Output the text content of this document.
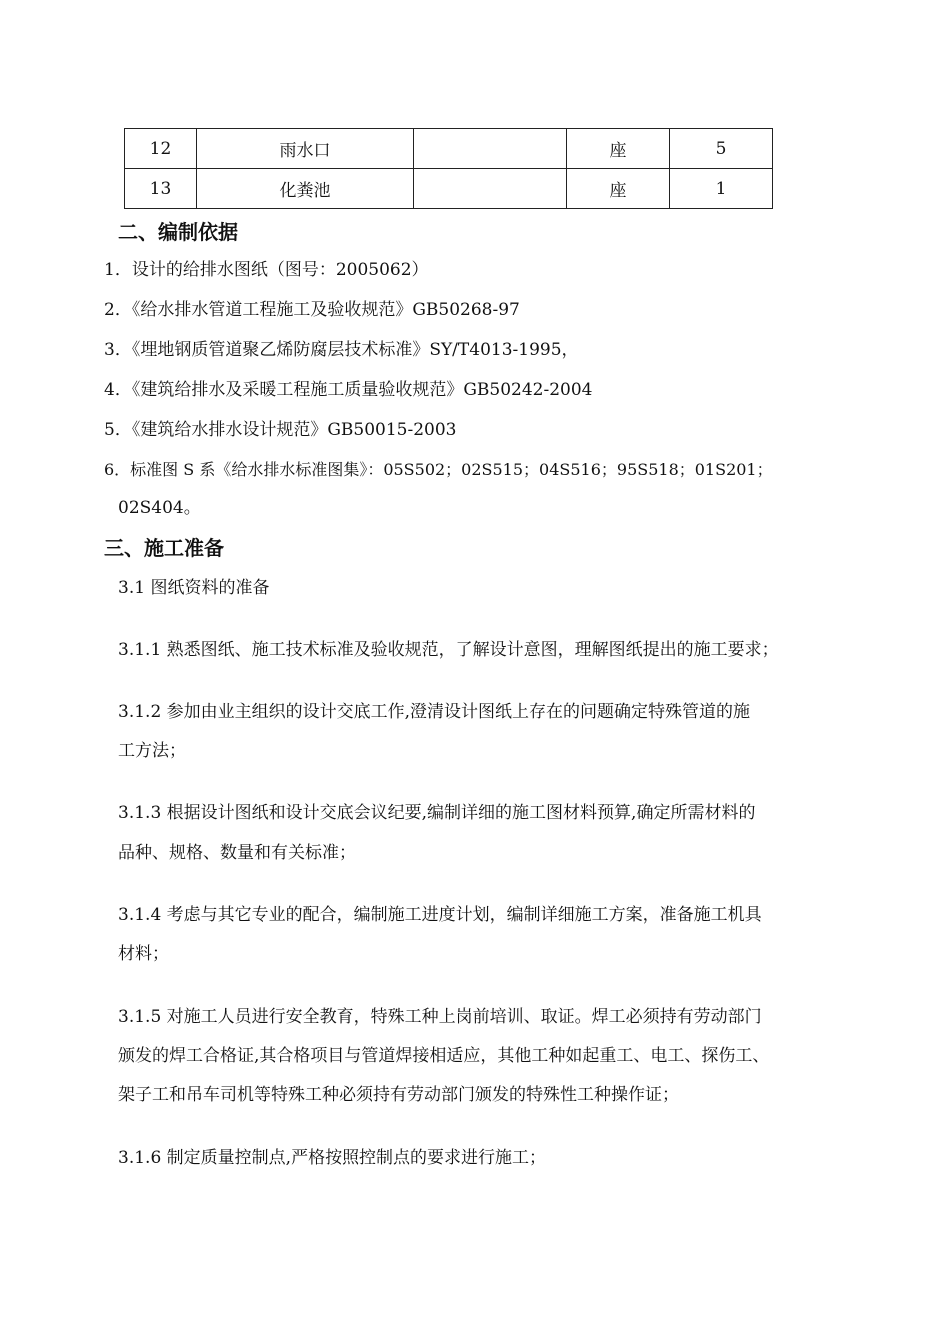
12	雨水口		座	5
13	化粪池		座	1
二、编制依据
1．设计的给排水图纸（图号：2005062）
2．《给水排水管道工程施工及验收规范》GB50268-97
3．《埋地钢质管道聚乙烯防腐层技术标准》SY/T4013-1995，
4．《建筑给排水及采暖工程施工质量验收规范》GB50242-2004
5．《建筑给水排水设计规范》GB50015-2003
6．标准图 S 系《给水排水标准图集》：05S502；02S515；04S516；95S518；01S201；
02S404。
三、施工准备
3.1 图纸资料的准备
3.1.1 熟悉图纸、施工技术标准及验收规范，了解设计意图，理解图纸提出的施工要求；
3.1.2 参加由业主组织的设计交底工作,澄清设计图纸上存在的问题确定特殊管道的施
工方法；
3.1.3 根据设计图纸和设计交底会议纪要,编制详细的施工图材料预算,确定所需材料的
品种、规格、数量和有关标准；
3.1.4 考虑与其它专业的配合，编制施工进度计划，编制详细施工方案，准备施工机具
材料；
3.1.5 对施工人员进行安全教育，特殊工种上岗前培训、取证。焊工必须持有劳动部门
颁发的焊工合格证,其合格项目与管道焊接相适应，其他工种如起重工、电工、探伤工、
架子工和吊车司机等特殊工种必须持有劳动部门颁发的特殊性工种操作证；
3.1.6 制定质量控制点,严格按照控制点的要求进行施工；
